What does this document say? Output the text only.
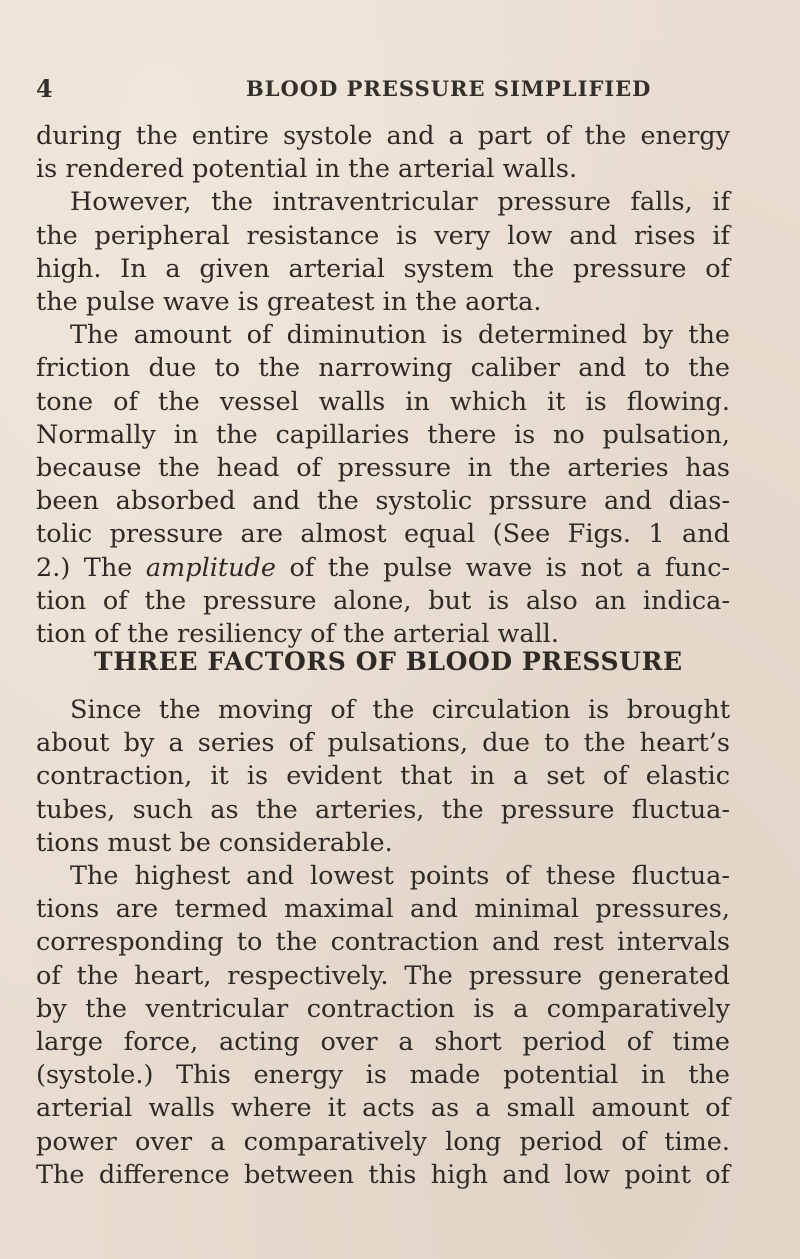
4	BLOOD PRESSURE SIMPLIFIED
during the entire systole and a part of the energy
is rendered potential in the arterial walls.
However, the intraventricular pressure falls, if
the peripheral resistance is very low and rises if
high. In a given arterial system the pressure of
the pulse wave is greatest in the aorta.
The amount of diminution is determined by the
friction due to the narrowing caliber and to the
tone of the vessel walls in which it is flowing.
Normally in the capillaries there is no pulsation,
because the head of pressure in the arteries has
been absorbed and the systolic prssure and dias-
tolic pressure are almost equal (See Figs. 1 and
2.) The amplitude of the pulse wave is not a func-
tion of the pressure alone, but is also an indica-
tion of the resiliency of the arterial wall.
THREE FACTORS OF BLOOD PRESSURE
Since the moving of the circulation is brought
about by a series of pulsations, due to the heart’s
contraction, it is evident that in a set of elastic
tubes, such as the arteries, the pressure fluctua-
tions must be considerable.
The highest and lowest points of these fluctua-
tions are termed maximal and minimal pressures,
corresponding to the contraction and rest intervals
of the heart, respectively. The pressure generated
by the ventricular contraction is a comparatively
large force, acting over a short period of time
(systole.) This energy is made potential in the
arterial walls where it acts as a small amount of
power over a comparatively long period of time.
The difference between this high and low point of
